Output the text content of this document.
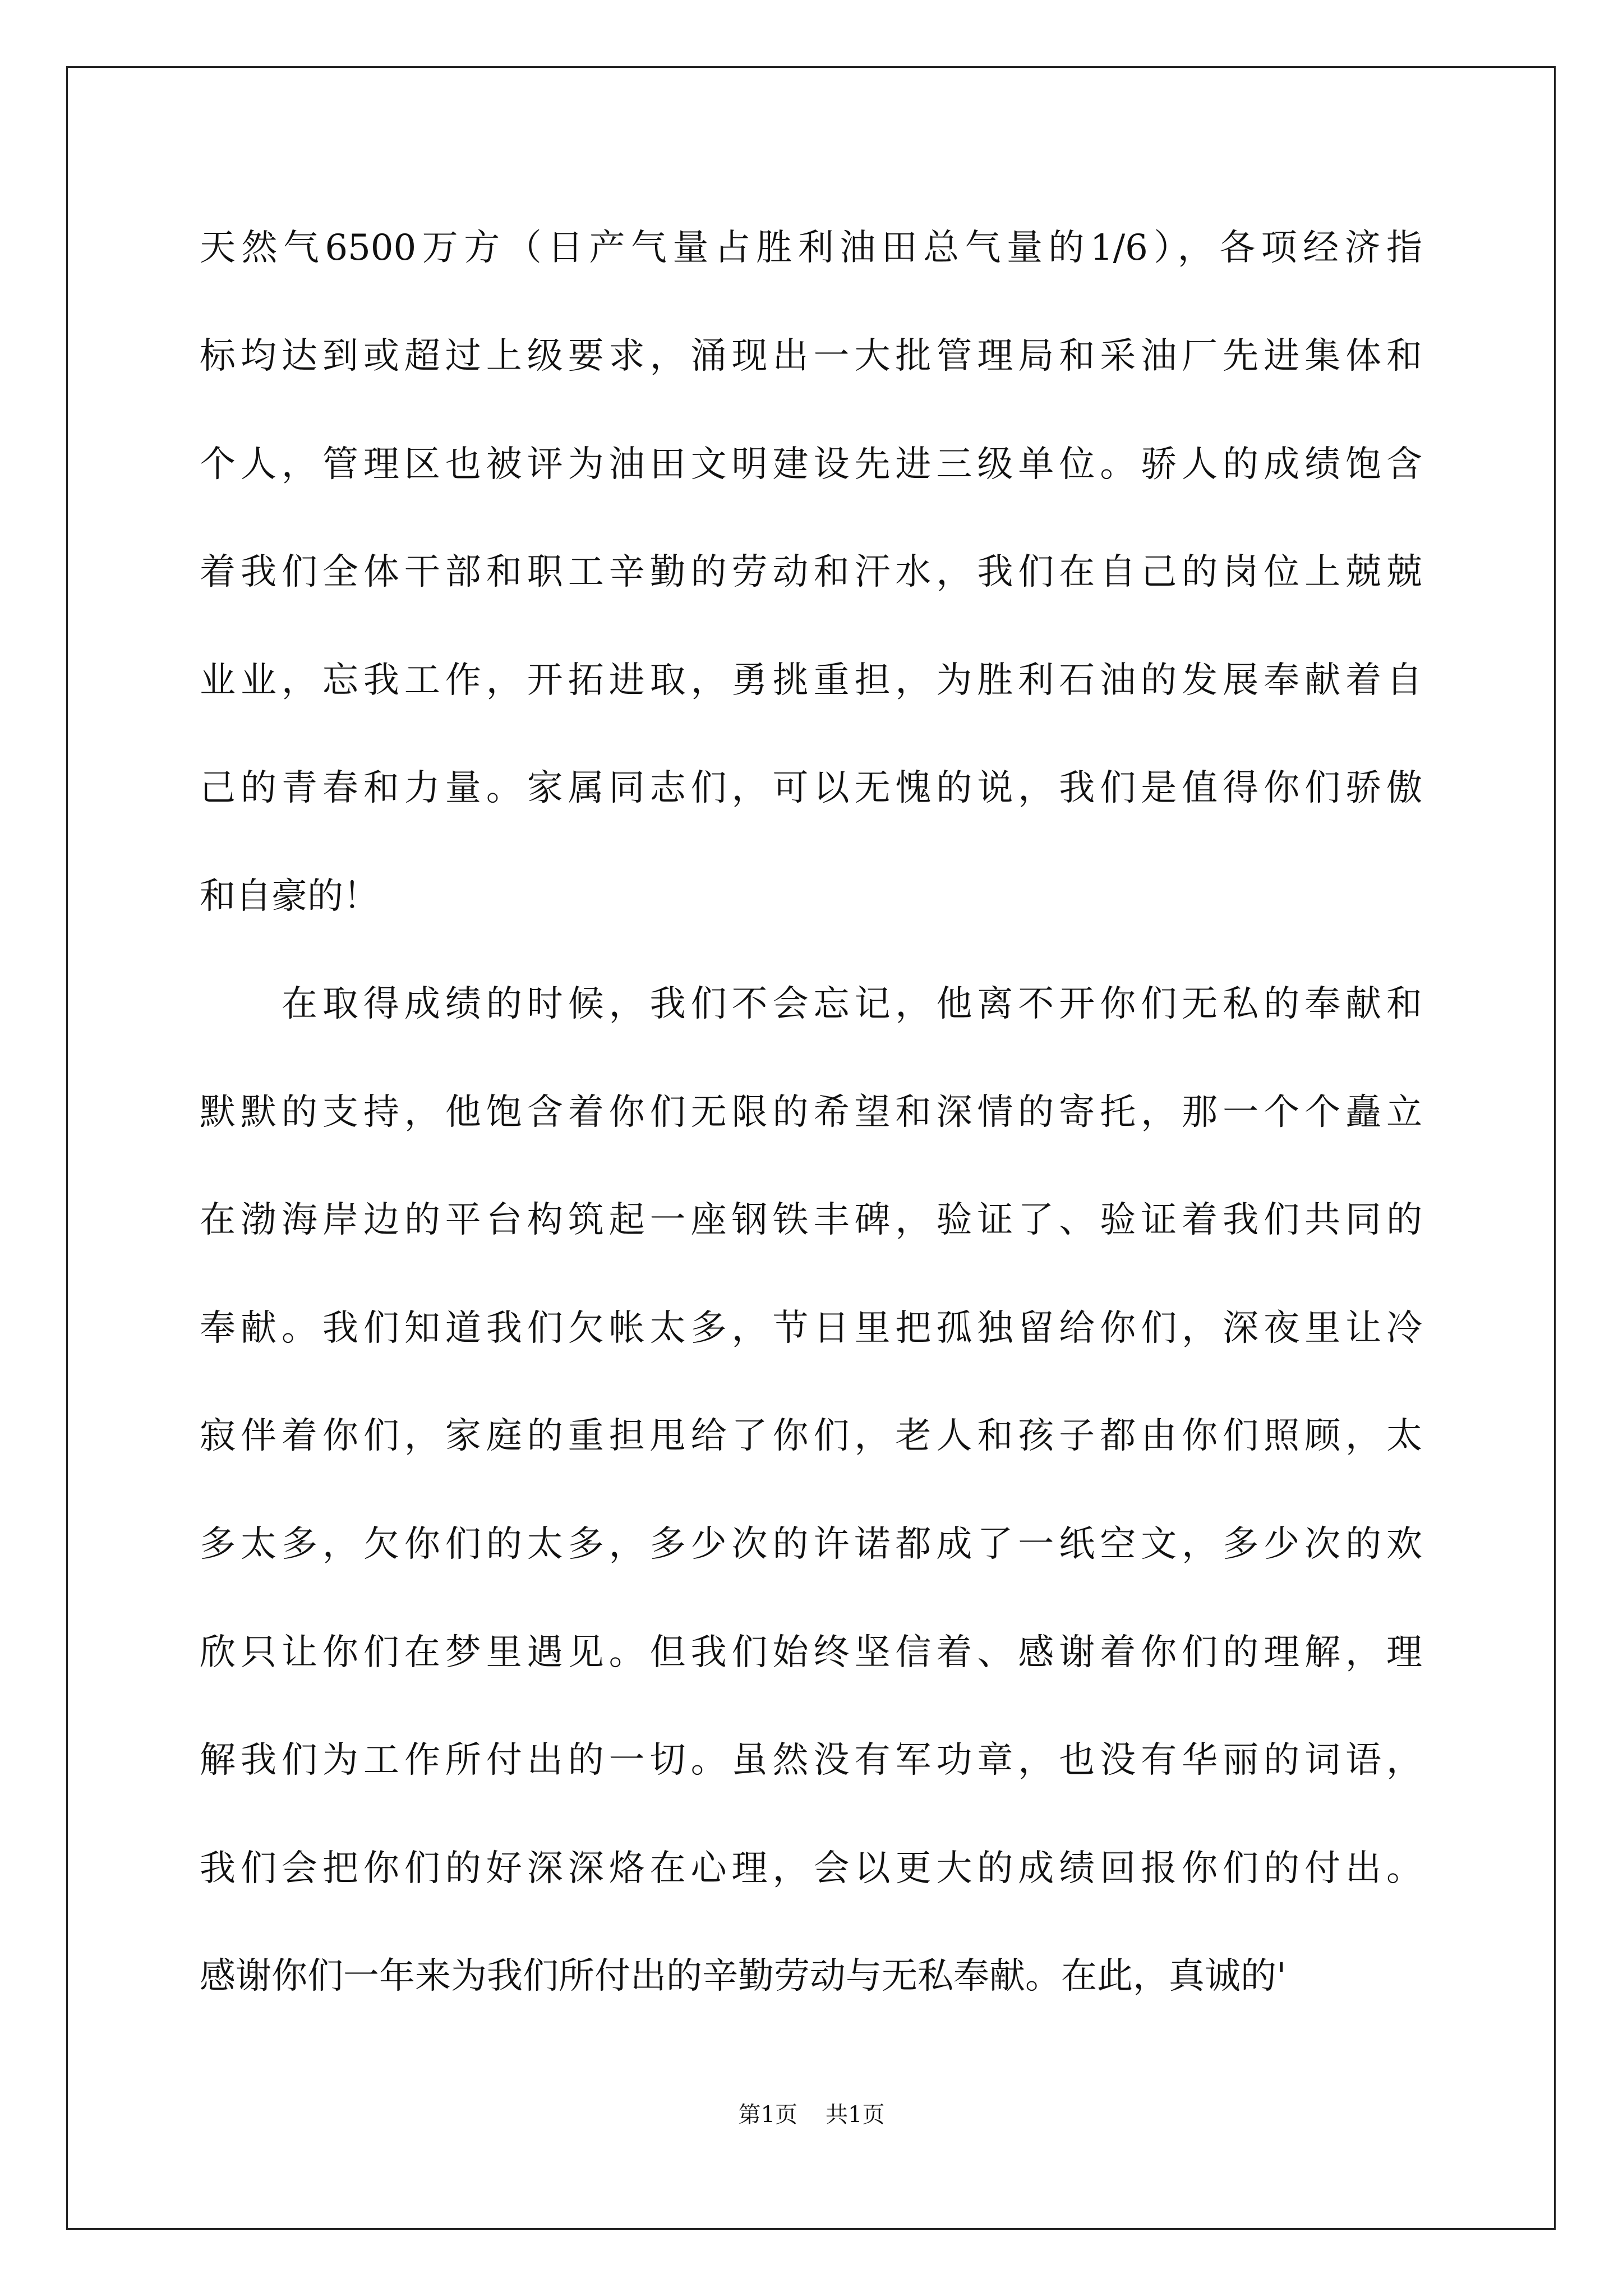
天然气6500万方（日产气量占胜利油田总气量的1/6），各项经济指
标均达到或超过上级要求，涌现出一大批管理局和采油厂先进集体和
个人，管理区也被评为油田文明建设先进三级单位。骄人的成绩饱含
着我们全体干部和职工辛勤的劳动和汗水，我们在自己的岗位上兢兢
业业，忘我工作，开拓进取，勇挑重担，为胜利石油的发展奉献着自
己的青春和力量。家属同志们，可以无愧的说，我们是值得你们骄傲
和自豪的！
　　在取得成绩的时候，我们不会忘记，他离不开你们无私的奉献和
默默的支持，他饱含着你们无限的希望和深情的寄托，那一个个矗立
在渤海岸边的平台构筑起一座钢铁丰碑，验证了、验证着我们共同的
奉献。我们知道我们欠帐太多，节日里把孤独留给你们，深夜里让冷
寂伴着你们，家庭的重担甩给了你们，老人和孩子都由你们照顾，太
多太多，欠你们的太多，多少次的许诺都成了一纸空文，多少次的欢
欣只让你们在梦里遇见。但我们始终坚信着、感谢着你们的理解，理
解我们为工作所付出的一切。虽然没有军功章，也没有华丽的词语，
我们会把你们的好深深烙在心理，会以更大的成绩回报你们的付出。
感谢你们一年来为我们所付出的辛勤劳动与无私奉献。在此，真诚的'
第1页 共1页
